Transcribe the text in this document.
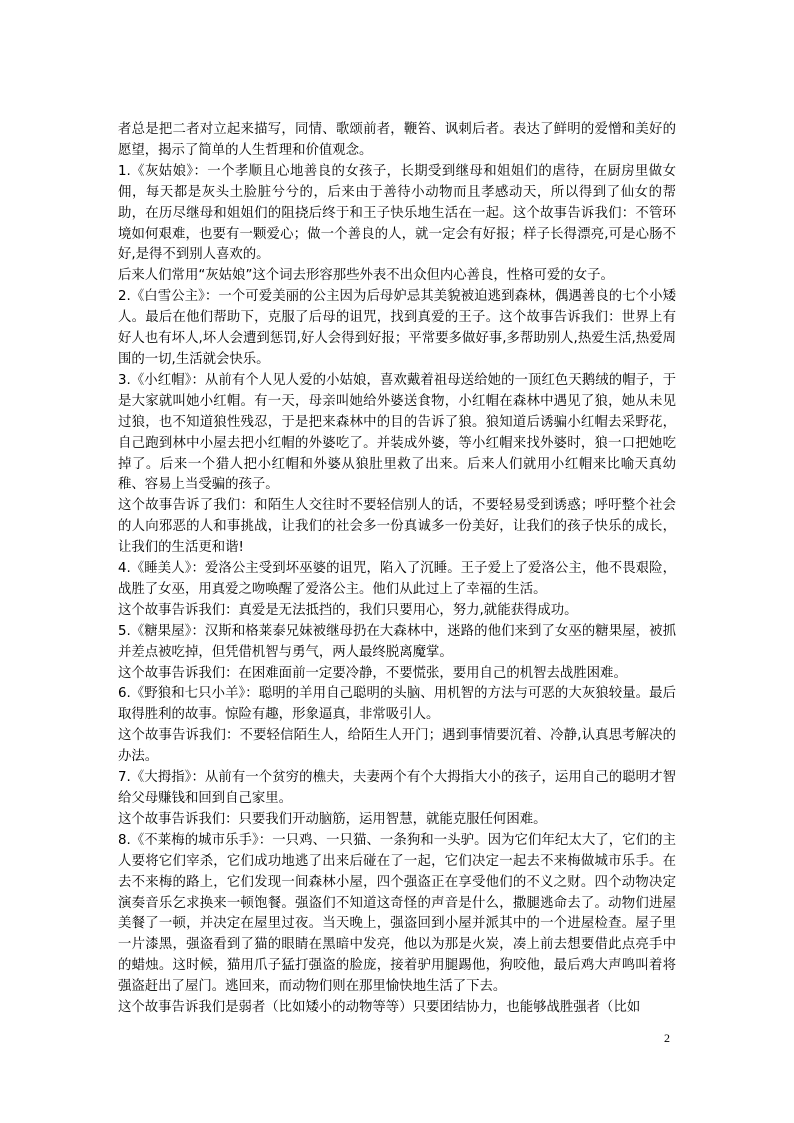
者总是把二者对立起来描写，同情、歌颂前者，鞭笞、讽刺后者。表达了鲜明的爱憎和美好的愿望，揭示了简单的人生哲理和价值观念。

1.《灰姑娘》：一个孝顺且心地善良的女孩子，长期受到继母和姐姐们的虐待，在厨房里做女佣，每天都是灰头土脸脏兮兮的，后来由于善待小动物而且孝感动天，所以得到了仙女的帮助，在历尽继母和姐姐们的阻挠后终于和王子快乐地生活在一起。这个故事告诉我们：不管环境如何艰难，也要有一颗爱心；做一个善良的人，就一定会有好报；样子长得漂亮,可是心肠不好,是得不到别人喜欢的。

后来人们常用“灰姑娘”这个词去形容那些外表不出众但内心善良，性格可爱的女子。

2.《白雪公主》：一个可爱美丽的公主因为后母妒忌其美貌被迫逃到森林，偶遇善良的七个小矮人。最后在他们帮助下，克服了后母的诅咒，找到真爱的王子。这个故事告诉我们：世界上有好人也有坏人,坏人会遭到惩罚,好人会得到好报；平常要多做好事,多帮助别人,热爱生活,热爱周围的一切,生活就会快乐。

3.《小红帽》：从前有个人见人爱的小姑娘，喜欢戴着祖母送给她的一顶红色天鹅绒的帽子，于是大家就叫她小红帽。有一天，母亲叫她给外婆送食物，小红帽在森林中遇见了狼，她从未见过狼，也不知道狼性残忍，于是把来森林中的目的告诉了狼。狼知道后诱骗小红帽去采野花，自己跑到林中小屋去把小红帽的外婆吃了。并装成外婆，等小红帽来找外婆时，狼一口把她吃掉了。后来一个猎人把小红帽和外婆从狼肚里救了出来。后来人们就用小红帽来比喻天真幼稚、容易上当受骗的孩子。

这个故事告诉了我们：和陌生人交往时不要轻信别人的话，不要轻易受到诱惑；呼吁整个社会的人向邪恶的人和事挑战，让我们的社会多一份真诚多一份美好，让我们的孩子快乐的成长，让我们的生活更和谐!

4.《睡美人》：爱洛公主受到坏巫婆的诅咒，陷入了沉睡。王子爱上了爱洛公主，他不畏艰险，战胜了女巫，用真爱之吻唤醒了爱洛公主。他们从此过上了幸福的生活。

这个故事告诉我们：真爱是无法抵挡的，我们只要用心，努力,就能获得成功。

5.《糖果屋》：汉斯和格莱泰兄妹被继母扔在大森林中，迷路的他们来到了女巫的糖果屋，被抓并差点被吃掉，但凭借机智与勇气，两人最终脱离魔掌。

这个故事告诉我们：在困难面前一定要冷静，不要慌张，要用自己的机智去战胜困难。

6.《野狼和七只小羊》：聪明的羊用自己聪明的头脑、用机智的方法与可恶的大灰狼较量。最后取得胜利的故事。惊险有趣，形象逼真，非常吸引人。

这个故事告诉我们：不要轻信陌生人，给陌生人开门；遇到事情要沉着、冷静,认真思考解决的办法。

7.《大拇指》：从前有一个贫穷的樵夫，夫妻两个有个大拇指大小的孩子，运用自己的聪明才智给父母赚钱和回到自己家里。

这个故事告诉我们：只要我们开动脑筋，运用智慧，就能克服任何困难。

8.《不莱梅的城市乐手》：一只鸡、一只猫、一条狗和一头驴。因为它们年纪太大了，它们的主人要将它们宰杀，它们成功地逃了出来后碰在了一起，它们决定一起去不来梅做城市乐手。在去不来梅的路上，它们发现一间森林小屋，四个强盗正在享受他们的不义之财。四个动物决定演奏音乐乞求换来一顿饱餐。强盗们不知道这奇怪的声音是什么，撒腿逃命去了。动物们进屋美餐了一顿，并决定在屋里过夜。当天晚上，强盗回到小屋并派其中的一个进屋检查。屋子里一片漆黑，强盗看到了猫的眼睛在黑暗中发亮，他以为那是火炭，凑上前去想要借此点亮手中的蜡烛。这时候，猫用爪子猛打强盗的脸庞，接着驴用腿踢他，狗咬他，最后鸡大声鸣叫着将强盗赶出了屋门。逃回来，而动物们则在那里愉快地生活了下去。

这个故事告诉我们是弱者（比如矮小的动物等等）只要团结协力，也能够战胜强者（比如

2
